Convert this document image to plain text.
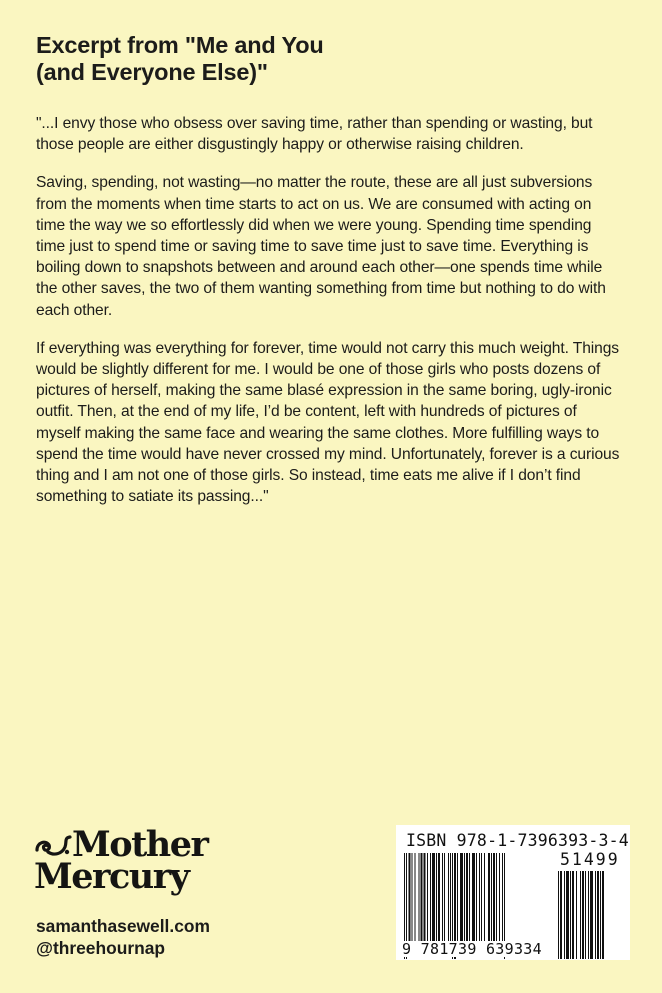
Excerpt from "Me and You
(and Everyone Else)"

"...I envy those who obsess over saving time, rather than spending or wasting, but those people are either disgustingly happy or otherwise raising children.

Saving, spending, not wasting—no matter the route, these are all just subversions from the moments when time starts to act on us. We are consumed with acting on time the way we so effortlessly did when we were young. Spending time spending time just to spend time or saving time to save time just to save time. Everything is boiling down to snapshots between and around each other—one spends time while the other saves, the two of them wanting something from time but nothing to do with each other.

If everything was everything for forever, time would not carry this much weight. Things would be slightly different for me. I would be one of those girls who posts dozens of pictures of herself, making the same blasé expression in the same boring, ugly-ironic outfit. Then, at the end of my life, I’d be content, left with hundreds of pictures of myself making the same face and wearing the same clothes. More fulfilling ways to spend the time would have never crossed my mind. Unfortunately, forever is a curious thing and I am not one of those girls. So instead, time eats me alive if I don’t find something to satiate its passing..."

Mother
Mercury
samanthasewell.com
@threehournap
ISBN 978-1-7396393-3-4
51499
9 781739 639334
